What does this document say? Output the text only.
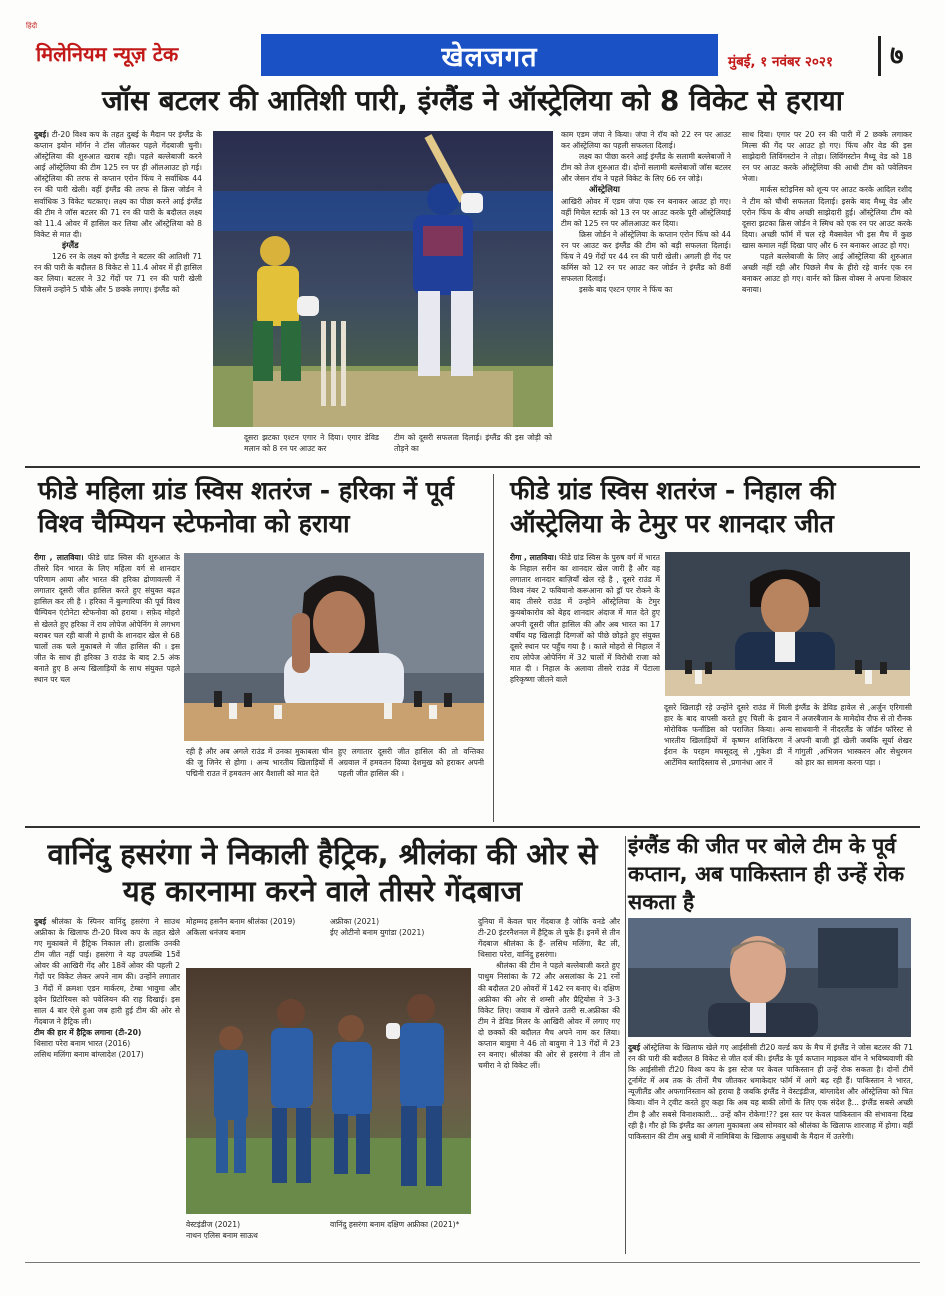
हिंदी
मिलेनियम न्यूज़ टेक	खेलजगत	मुंबई, १ नवंबर २०२१ ७
जॉस बटलर की आतिशी पारी, इंग्लैंड ने ऑस्ट्रेलिया को 8 विकेट से हराया

दुबई। टी-20 विश्व कप के तहत दुबई के मैदान पर इंग्लैंड के कप्तान इयोन मॉर्गन ने टॉस जीतकर पहले गेंदबाजी चुनी। ऑस्ट्रेलिया की शुरुआत खराब रही। पहले बल्लेबाजी करने आई ऑस्ट्रेलिया की टीम 125 रन पर ही ऑलआउट हो गई। ऑस्ट्रेलिया की तरफ से कप्तान एरोन फिंच ने सर्वाधिक 44 रन की पारी खेली। वहीं इंग्लैंड की तरफ से क्रिस जोर्डन ने सर्वाधिक 3 विकेट चटकाए। लक्ष्य का पीछा करने आई इंग्लैंड की टीम ने जॉस बटलर की 71 रन की पारी के बदौलत लक्ष्य को 11.4 ओवर में हासिल कर लिया और ऑस्ट्रेलिया को 8 विकेट से मात दी।

इंग्लैंड

126 रन के लक्ष्य को इंग्लैंड ने बटलर की आतिशी 71 रन की पारी के बदौलत 8 विकेट से 11.4 ओवर में ही हासिल कर लिया। बटलर ने 32 गेंदों पर 71 रन की पारी खेली जिसमें उन्होंने 5 चौके और 5 छक्के लगाए। इंग्लैंड को

दूसरा झटका एश्टन एगार ने दिया। एगार डेविड मलान को 8 रन पर आउट कर
टीम को दूसरी सफलता दिलाई। इंग्लैंड की इस जोड़ी को तोड़ने का

काम एडम जंपा ने किया। जंपा ने रॉय को 22 रन पर आउट कर ऑस्ट्रेलिया का पहली सफलता दिलाई।

लक्ष्य का पीछा करने आई इंग्लैंड के सलामी बल्लेबाजों ने टीम को तेज शुरुआत दी। दोनों सलामी बल्लेबाजों जॉस बटलर और जेसन रॉय ने पहले विकेट के लिए 66 रन जोड़े।

ऑस्ट्रेलिया

आखिरी ओवर में एडम जंपा एक रन बनाकर आउट हो गए। वहीं मिचेल स्टार्क को 13 रन पर आउट करके पूरी ऑस्ट्रेलियाई टीम को 125 रन पर ऑलआउट कर दिया।

क्रिस जोर्डन ने ऑस्ट्रेलिया के कप्तान एरोन फिंच को 44 रन पर आउट कर इंग्लैंड की टीम को बड़ी सफलता दिलाई। फिंच ने 49 गेंदों पर 44 रन की पारी खेली। अगली ही गेंद पर कमिंस को 12 रन पर आउट कर जोर्डन ने इंग्लैंड को 8वीं सफलता दिलाई।

इसके बाद एश्टन एगार ने फिंच का

साथ दिया। एगार पर 20 रन की पारी में 2 छक्के लगाकर मिल्स की गेंद पर आउट हो गए। फिंच और वेड की इस साझेदारी लिविंगस्टोन ने तोड़ा। लिविंगस्टोन मैथ्यू वेड को 18 रन पर आउट करके ऑस्ट्रेलिया की आधी टीम को पवेलियन भेजा।

मार्कस स्टोइनिस को शून्य पर आउट करके आदिल रशीद ने टीम को चौथी सफलता दिलाई। इसके बाद मैथ्यू वेड और एरोन फिंच के बीच अच्छी साझेदारी हुई। ऑस्ट्रेलिया टीम को दूसरा झटका क्रिस जोर्डन ने स्मिथ को एक रन पर आउट करके दिया। अच्छी फॉर्म में चल रहे मैक्सवेल भी इस मैच में कुछ खास कमाल नहीं दिखा पाए और 6 रन बनाकर आउट हो गए।

पहले बल्लेबाजी के लिए आई ऑस्ट्रेलिया की शुरुआत अच्छी नहीं रही और पिछले मैच के हीरो रहे वार्नर एक रन बनाकर आउट हो गए। वार्नर को क्रिस वोक्स ने अपना शिकार बनाया।

फीडे महिला ग्रांड स्विस शतरंज - हरिका नें पूर्व विश्व चैम्पियन स्टेफनोवा को हराया

रीगा , लातविया। फीडे ग्रांड स्विस की शुरुआत के तीसरे दिन भारत के लिए महिला वर्ग से शानदार परिणाम आया और भारत की हरिका द्रोणावल्ली नें लगातार दूसरी जीत हासिल करते हुए संयुक्त बढ़त हासिल कर ली है । हरिका नें बुल्गारिया की पूर्व विश्व चैम्पियन एंटोनेटा स्टेफनोवा को हराया । सफ़ेद मोहरो से खेलते हुए हरिका नें राय लोपेज ओपेनिंग मे लगभग बराबर चल रही बाजी मे हाथी के शानदार खेल से 68 चालों तक चले मुकाबले मे जीत हासिल की । इस जीत के साथ ही हरिका 3 राउंड के बाद 2.5 अंक बनाते हुए 8 अन्य खिलाड़ियों के साथ संयुक्त पहले स्थान पर चल

रही है और अब अगले राउंड में उनका मुकाबला चीन की जु जिनेर से होगा । अन्य भारतीय खिलाड़ियों में पद्मिनी राउत नें हमवतन आर वैशाली को मात देते
हुए लगातार दूसरी जीत हासिल की तो वन्तिका अग्रवाल नें हमवतन दिव्या देशमुख को हराकर अपनी पहली जीत हासिल की ।
फीडे ग्रांड स्विस शतरंज - निहाल की ऑस्ट्रेलिया के टेमुर पर शानदार जीत

रीगा , लातविया। फीडे ग्रांड स्विस के पुरुष वर्ग में भारत के निहाल सरीन का शानदार खेल जारी है और वह लगातार शानदार बाज़ियाँ खेल रहे है , दूसरे राउंड में विश्व नंबर 2 फबियानो करूआना को ड्रॉ पर रोकने के बाद तीसरे राउंड में उन्होने ऑस्ट्रेलिया के टेमुर कुयबोकारोव को बेहद शानदार अंदाज में मात देते हुए अपनी दूसरी जीत हासिल की और अब भारत का 17 वर्षीय यह खिलाड़ी दिग्गजों को पीछे छोड़ते हुए संयुक्त दूसरे स्थान पर पहुँच गया है । काले मोहरो से निहाल नें राय लोपेज ओपेनिंग में 32 चालों में विरोधी राजा को मात दी । निहाल के अलावा तीसरे राउंड में पेंटाला हरिकृष्णा जीतने वाले

दूसरे खिलाड़ी रहे उन्होंने दूसरे राउंड में मिली हार के बाद वापसी करते हुए चिली के इवान मोरोविक फर्नांडिस को पराजित किया। अन्य भारतीय खिलाड़ियों में कृष्णन शशिकिरण नें ईरान के परहम मघसूदलू से ,गुकेश डी नें आर्टेमिव ब्लादिस्लाव से ,प्रगानंधा आर नें
इंग्लैंड के डेविड हावेल से ,अर्जुन एरिगासी नें अजरबैजान के मामेदोव रौफ से तो रौनक साधवानी नें नीदरलैंड के जॉर्डन फॉरेस्ट से अपनी बाजी ड्रॉ खेली जबकि सूर्या शेखर गांगुली ,अभिजन भास्करन और सेथुरमन को हार का सामना करना पड़ा ।
वानिंदु हसरंगा ने निकाली हैट्रिक, श्रीलंका की ओर से यह कारनामा करने वाले तीसरे गेंदबाज

दुबई श्रीलंका के स्पिनर वानिंदु हसरंगा ने साउथ अफ्रीका के खिलाफ टी-20 विश्व कप के तहत खेले गए मुकाबले में हैट्रिक निकाल ली। हालांकि उनकी टीम जीत नहीं पाई। हसरंगा ने यह उपलब्धि 15वें ओवर की आखिरी गेंद और 18वें ओवर की पहली 2 गेंदों पर विकेट लेकर अपने नाम की। उन्होंने लगातार 3 गेंदों में क्रमशः एडन मार्करम, टेम्बा भावुमा और ड्वेन प्रिटोरियस को पवेलियन की राह दिखाई। इस साल 4 बार ऐसे हुआ जब हारी हुई टीम की ओर से गेंदबाज ने हैट्रिक ली।

टीम की हार में हैट्रिक लगाना (टी-20)

थिसारा परेरा बनाम भारत (2016)
लसिथ मलिंगा बनाम बांग्लादेश (2017)

मोहम्मद हसनैन बनाम श्रीलंका (2019)
अकिला धनंजय बनाम
अफ्रीका (2021)
ईए ओटीनो बनाम युगांडा (2021)
वेस्टइंडीज (2021)
नाथन एलिस बनाम साऊथ
वानिंदु हसरंगा बनाम दक्षिण अफ्रीका (2021)*

दुनिया में केवल चार गेंदबाज है जोकि वनडे और टी-20 इंटरनैशनल में हैट्रिक ले चुके हैं। इनमें से तीन गेंदबाज श्रीलंका के हैं- लसिथ मलिंगा, बैट ली, थिसारा परेरा, वानिंदु हसरंगा।

श्रीलंका की टीम ने पहले बल्लेबाजी करते हुए पाथुम निसांका के 72 और असलांका के 21 रनों की बदौलत 20 ओवरों में 142 रन बनाए थे। दक्षिण अफ्रीका की ओर से शम्सी और प्रैट्रियोस ने 3-3 विकेट लिए। जवाब में खेलने उतरी स.अफ्रीका की टीम ने डेविड मिलर के आखिरी ओवर में लगाए गए दो छक्कों की बदौलत मैच अपने नाम कर लिया। कप्तान बावुमा ने 46 तो बावुमा ने 13 गेंदों में 23 रन बनाए। श्रीलंका की ओर से हसरंगा ने तीन तो चमीरा ने दो विकेट लीं।

इंग्लैंड की जीत पर बोले टीम के पूर्व कप्तान, अब पाकिस्तान ही उन्हें रोक सकता है

दुबई ऑस्ट्रेलिया के खिलाफ खेले गए आईसीसी टी20 वर्ल्ड कप के मैच में इंग्लैंड ने जोस बटलर की 71 रन की पारी की बदौलत 8 विकेट से जीत दर्ज की। इंग्लैंड के पूर्व कप्तान माइकल वॉन ने भविष्यवाणी की कि आईसीसी टी20 विश्व कप के इस स्टेज पर केवल पाकिस्तान ही उन्हें रोक सकता है। दोनों टीमें टूर्नामेंट में अब तक के तीनों मैच जीतकर धमाकेदार फॉर्म में आगे बढ़ रही हैं। पाकिस्तान ने भारत, न्यूजीलैंड और अफगानिस्तान को हराया है जबकि इंग्लैंड ने वेस्टइंडीज, बांग्लादेश और ऑस्ट्रेलिया को चित किया। वॉन ने ट्वीट करते हुए कहा कि अब यह बाकी लोगों के लिए एक संदेश है... इंग्लैंड सबसे अच्छी टीम है और सबसे विनाशकारी... उन्हें कौन रोकेगा!?? इस स्तर पर केवल पाकिस्तान की संभावना दिख रही है। गौर हो कि इंग्लैंड का अगला मुकाबला अब सोमवार को श्रीलंका के खिलाफ शारजाह में होगा। वहीं पाकिस्तान की टीम अबु धाबी में नामिबिया के खिलाफ अबुधाबी के मैदान में उतरेगी।
